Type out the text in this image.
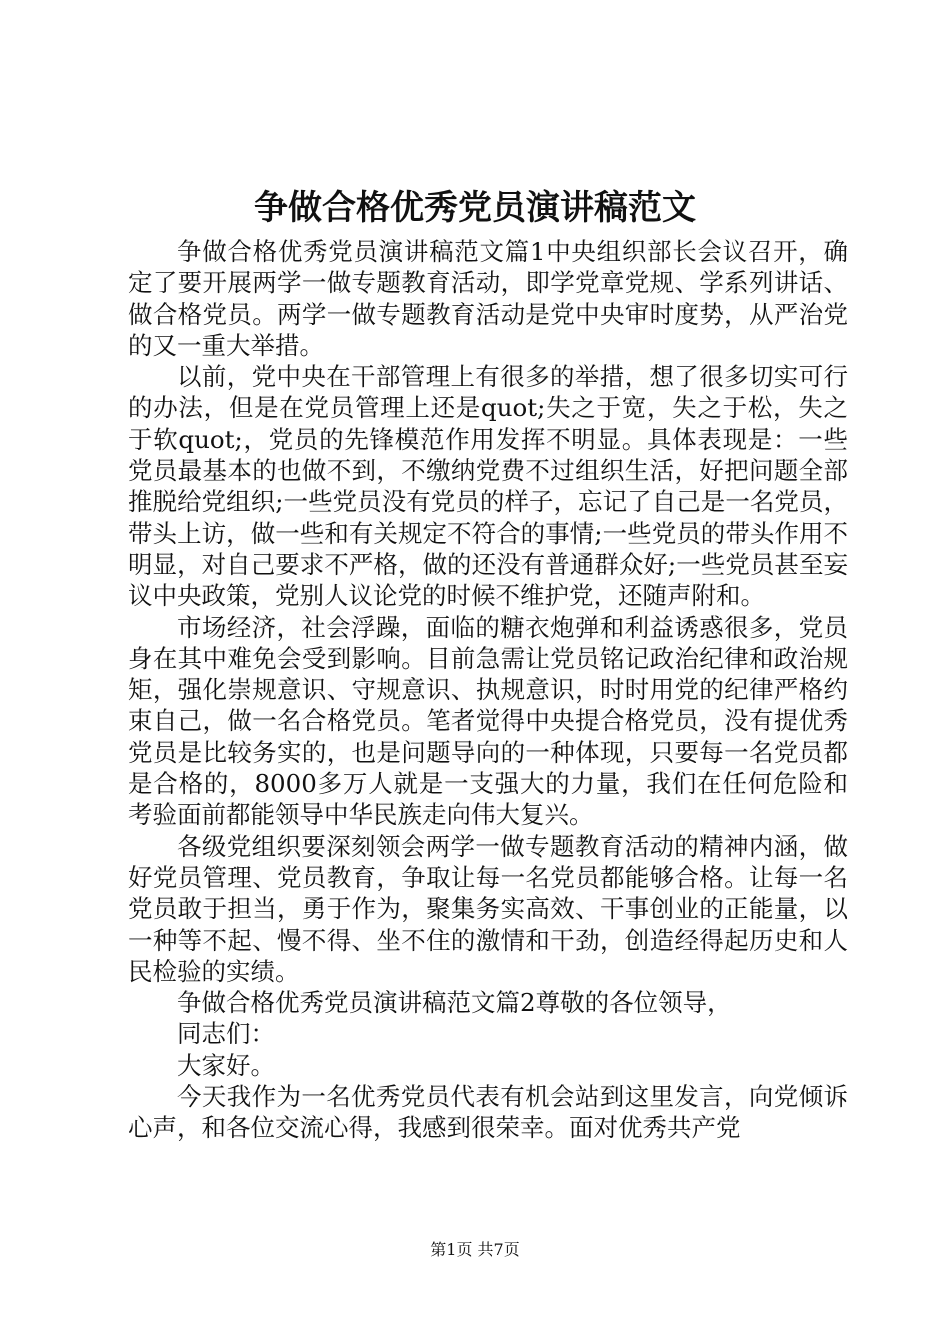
争做合格优秀党员演讲稿范文

争做合格优秀党员演讲稿范文篇1中央组织部长会议召开，确定了要开展两学一做专题教育活动，即学党章党规、学系列讲话、做合格党员。两学一做专题教育活动是党中央审时度势，从严治党的又一重大举措。

以前，党中央在干部管理上有很多的举措，想了很多切实可行的办法，但是在党员管理上还是quot;失之于宽，失之于松，失之于软quot;，党员的先锋模范作用发挥不明显。具体表现是：一些党员最基本的也做不到，不缴纳党费不过组织生活，好把问题全部推脱给党组织;一些党员没有党员的样子，忘记了自己是一名党员，带头上访，做一些和有关规定不符合的事情;一些党员的带头作用不明显，对自己要求不严格，做的还没有普通群众好;一些党员甚至妄议中央政策，党别人议论党的时候不维护党，还随声附和。

市场经济，社会浮躁，面临的糖衣炮弹和利益诱惑很多，党员身在其中难免会受到影响。目前急需让党员铭记政治纪律和政治规矩，强化崇规意识、守规意识、执规意识，时时用党的纪律严格约束自己，做一名合格党员。笔者觉得中央提合格党员，没有提优秀党员是比较务实的，也是问题导向的一种体现，只要每一名党员都是合格的，8000多万人就是一支强大的力量，我们在任何危险和考验面前都能领导中华民族走向伟大复兴。

各级党组织要深刻领会两学一做专题教育活动的精神内涵，做好党员管理、党员教育，争取让每一名党员都能够合格。让每一名党员敢于担当，勇于作为，聚集务实高效、干事创业的正能量，以一种等不起、慢不得、坐不住的激情和干劲，创造经得起历史和人民检验的实绩。

争做合格优秀党员演讲稿范文篇2尊敬的各位领导，

同志们：

大家好。

今天我作为一名优秀党员代表有机会站到这里发言，向党倾诉心声，和各位交流心得，我感到很荣幸。面对优秀共产党

第1页 共7页
